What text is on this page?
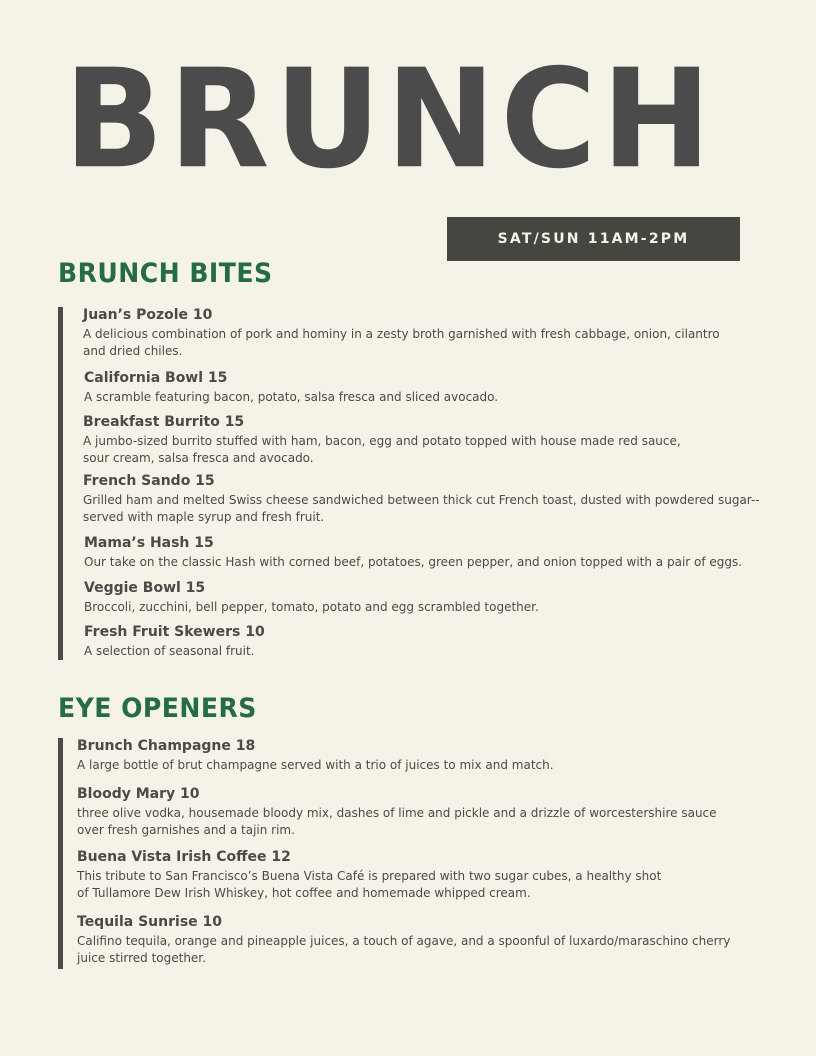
BRUNCH
SAT/SUN 11AM-2PM
BRUNCH BITES
Juan’s Pozole 10
A delicious combination of pork and hominy in a zesty broth garnished with fresh cabbage, onion, cilantro
and dried chiles.
California Bowl 15
A scramble featuring bacon, potato, salsa fresca and sliced avocado.
Breakfast Burrito 15
A jumbo-sized burrito stuffed with ham, bacon, egg and potato topped with house made red sauce,
sour cream, salsa fresca and avocado.
French Sando 15
Grilled ham and melted Swiss cheese sandwiched between thick cut French toast, dusted with powdered sugar--
served with maple syrup and fresh fruit.
Mama’s Hash 15
Our take on the classic Hash with corned beef, potatoes, green pepper, and onion topped with a pair of eggs.
Veggie Bowl 15
Broccoli, zucchini, bell pepper, tomato, potato and egg scrambled together.
Fresh Fruit Skewers 10
A selection of seasonal fruit.
EYE OPENERS
Brunch Champagne 18
A large bottle of brut champagne served with a trio of juices to mix and match.
Bloody Mary 10
three olive vodka, housemade bloody mix, dashes of lime and pickle and a drizzle of worcestershire sauce
over fresh garnishes and a tajin rim.
Buena Vista Irish Coffee 12
This tribute to San Francisco’s Buena Vista Café is prepared with two sugar cubes, a healthy shot
of Tullamore Dew Irish Whiskey, hot coffee and homemade whipped cream.
Tequila Sunrise 10
Califino tequila, orange and pineapple juices, a touch of agave, and a spoonful of luxardo/maraschino cherry
juice stirred together.
